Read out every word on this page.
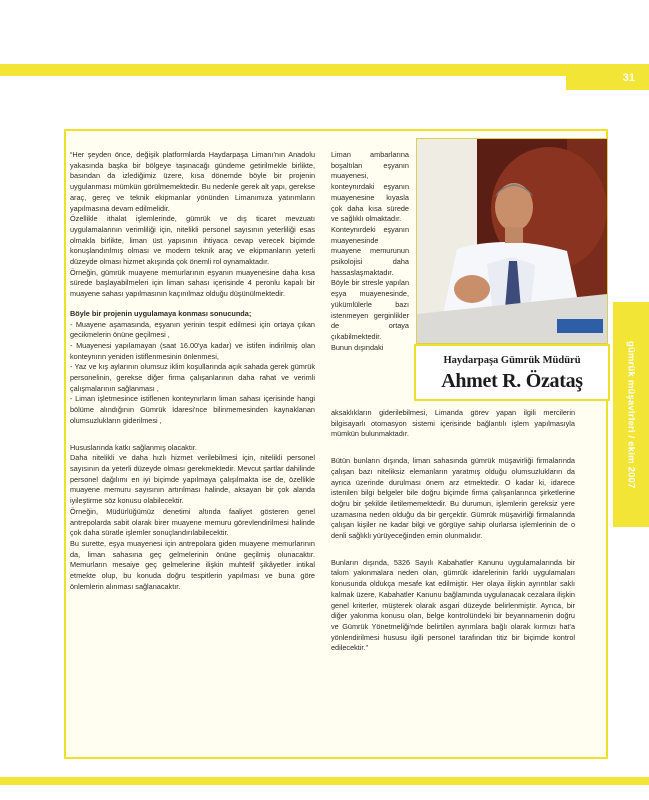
31
gümrük müşavirleri / ekim 2007

“Her şeyden önce, değişik platformlarda Haydarpaşa Limanı'nın Anadolu yakasında başka bir bölgeye taşınacağı gündeme getirilmekle birlikte, basından da izlediğimiz üzere, kısa dönemde böyle bir projenin uygulanması mümkün görülmemektedir. Bu nedenle gerek alt yapı, gerekse araç, gereç ve teknik ekipmanlar yönünden Limanımıza yatırımların yapılmasına devam edilmelidir.

Özellikle ithalat işlemlerinde, gümrük ve dış ticaret mevzuatı uygulamalarının verimliliği için, nitelikli personel sayısının yeterliliği esas olmakla birlikte, liman üst yapısının ihtiyaca cevap verecek biçimde konuşlandırılmış olması ve modern teknik araç ve ekipmanların yeterli düzeyde olması hizmet akışında çok önemli rol oynamaktadır.

Örneğin, gümrük muayene memurlarının eşyanın muayenesine daha kısa sürede başlayabilmeleri için liman sahası içerisinde 4 peronlu kapalı bir muayene sahası yapılmasının kaçınılmaz olduğu düşünülmektedir.

Böyle bir projenin uygulamaya konması sonucunda;

- Muayene aşamasında, eşyanın yerinin tespit edilmesi için ortaya çıkan gecikmelerin önüne geçilmesi ,

- Muayenesi yapılamayan (saat 16.00'ya kadar) ve istifen indirilmiş olan konteynırın yeniden istiflenmesinin önlenmesi,

- Yaz ve kış aylarının olumsuz iklim koşullarında açık sahada gerek gümrük personelinin, gerekse diğer firma çalışanlarının daha rahat ve verimli çalışmalarının sağlanması ,

- Liman işletmesince istiflenen konteynırların liman sahası içerisinde hangi bölüme alındığının Gümrük İdaresi'nce bilinmemesinden kaynaklanan olumsuzlukların giderilmesi ,

Hususlarında katkı sağlanmış olacaktır.

Daha nitelikli ve daha hızlı hizmet verilebilmesi için, nitelikli personel sayısının da yeterli düzeyde olması gerekmektedir. Mevcut şartlar dahilinde personel dağılımı en iyi biçimde yapılmaya çalışılmakta ise de, özellikle muayene memuru sayısının artırılması halinde, aksayan bir çok alanda iyileştirme söz konusu olabilecektir.

Örneğin, Müdürlüğümüz denetimi altında faaliyet gösteren genel antrepolarda sabit olarak birer muayene memuru görevlendirilmesi halinde çok daha süratle işlemler sonuçlandırılabilecektir.

Bu surette, eşya muayenesi için antrepolara giden muayene memurlarının da, liman sahasına geç gelmelerinin önüne geçilmiş olunacaktır. Memurların mesaiye geç gelmelerine ilişkin muhtelif şikâyetler intikal etmekte olup, bu konuda doğru tespitlerin yapılması ve buna göre önlemlerin alınması sağlanacaktır.

Liman ambarlarına boşaltılan eşyanın muayenesi, konteynırdaki eşyanın muayenesine kıyasla çok daha kısa sürede ve sağlıklı olmaktadır.

Konteynırdeki eşyanın muayenesinde muayene memurunun psikolojisi daha hassaslaşmaktadır. Böyle bir stresle yapılan eşya muayenesinde, yükümlülerle bazı istenmeyen gerginlikler de ortaya çıkabilmektedir.

Bunun dışındaki

Haydarpaşa Gümrük Müdürü
Ahmet R. Özataş

aksaklıkların giderilebilmesi, Limanda görev yapan ilgili mercilerin bilgisayarlı otomasyon sistemi içerisinde bağlantılı işlem yapılmasıyla mümkün bulunmaktadır.

Bütün bunların dışında, liman sahasında gümrük müşavirliği firmalarında çalışan bazı niteliksiz elemanların yaratmış olduğu olumsuzlukların da ayrıca üzerinde durulması önem arz etmektedir. O kadar ki, idarece istenilen bilgi belgeler bile doğru biçimde firma çalışanlarınca şirketlerine doğru bir şekilde iletilememektedir. Bu durumun, işlemlerin gereksiz yere uzamasına neden olduğu da bir gerçektir. Gümrük müşavirliği firmalarında çalışan kişiler ne kadar bilgi ve görgüye sahip olurlarsa işlemlerinin de o denli sağlıklı yürüyeceğinden emin olunmalıdır.

Bunların dışında, 5326 Sayılı Kabahatler Kanunu uygulamalarında bir takım yakınmalara neden olan, gümrük idarelerinin farklı uygulamaları konusunda oldukça mesafe kat edilmiştir. Her olaya ilişkin ayrıntılar saklı kalmak üzere, Kabahatler Kanunu bağlamında uygulanacak cezalara ilişkin genel kriterler, müşterek olarak asgari düzeyde belirlenmiştir. Ayrıca, bir diğer yakınma konusu olan, belge kontrolündeki bir beyannamenin doğru ve Gümrük Yönetmeliği'nde belirtilen ayrımlara bağlı olarak kırmızı hat'a yönlendirilmesi hususu ilgili personel tarafından titiz bir biçimde kontrol edilecektir.”
